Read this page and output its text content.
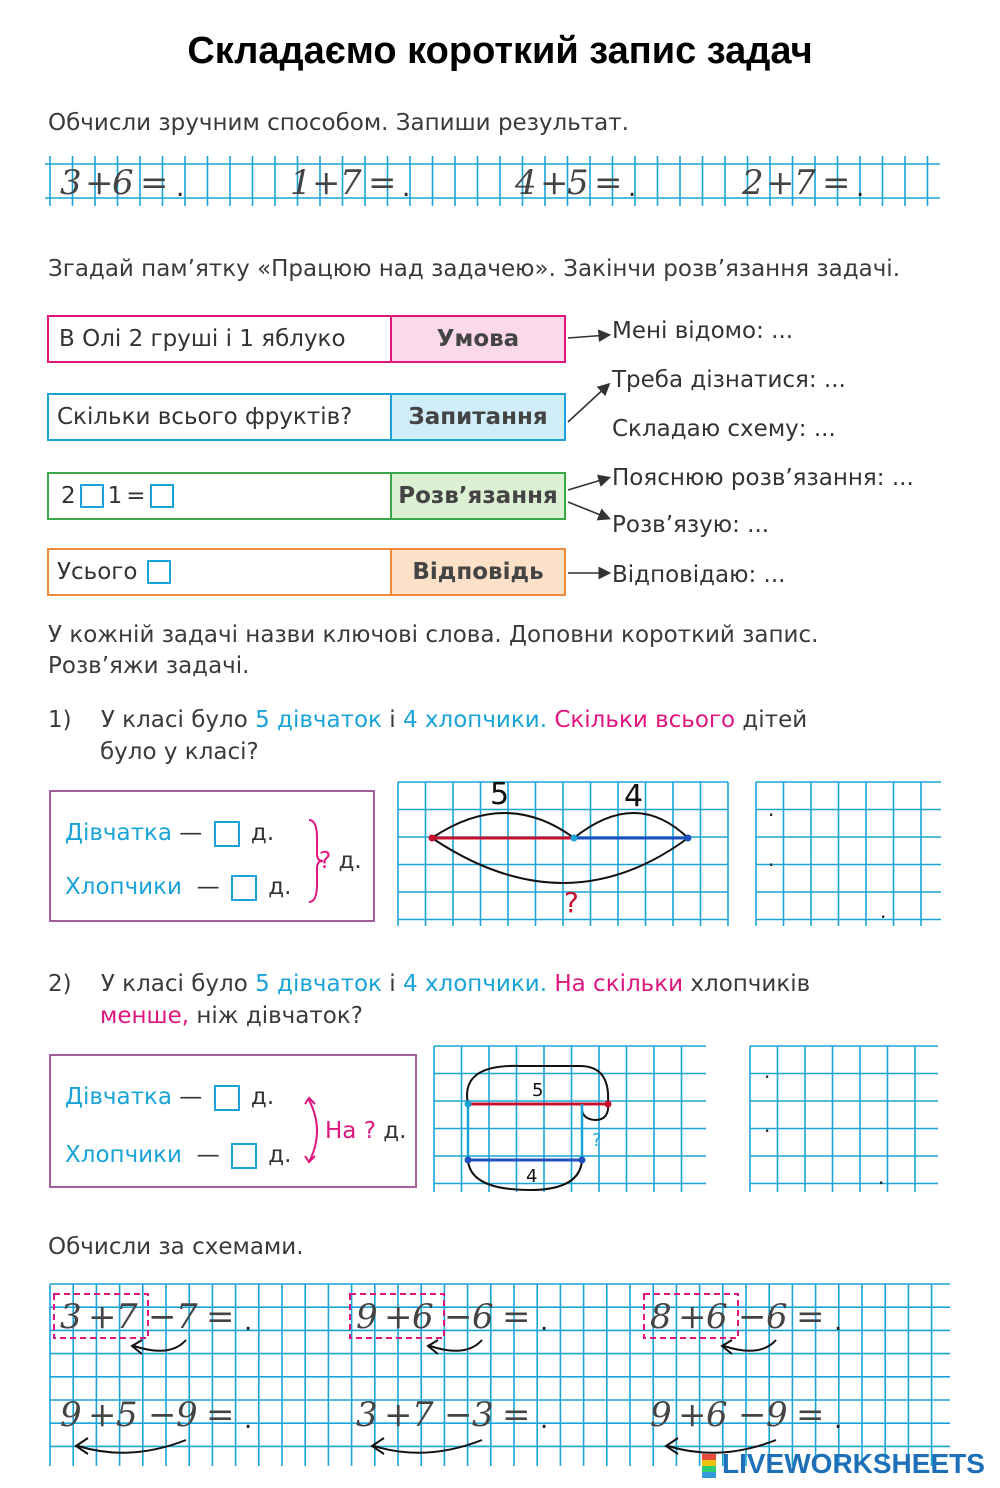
Складаємо короткий запис задач
Обчисли зручним способом. Запиши результат.
3 +
6 = .	1 + 7 = .	4 +
5 = .	2 + 7 = .
Згадай пам’ятку «Працюю над задачею». Закінчи розв’язання задачі.
В Олі 2 груші і 1 яблуко	Умова
Скільки всього фруктів?	Запитання
2 1 =	Розв’язання
Усього	Відповідь
Мені відомо: ...
Треба дізнатися: ...
Складаю схему: ...
Пояснюю розв’язання: ...
Розв’язую: ...
Відповідаю: ...
У кожній задачі назви ключові слова. Доповни короткий запис.
Розв’яжи задачі.
1) У класі було 5 дівчаток і 4 хлопчики. Скільки всього дітей
було у класі?
Дівчатка — д.
Хлопчики — д.
? д.
5	4
?
.
.
.
2) У класі було 5 дівчаток і 4 хлопчики. На скільки хлопчиків
менше, ніж дівчаток?
Дівчатка — д.
Хлопчики — д.
На ? д.
5
4
?
.
.
.
Обчисли за схемами.
3 + 7 − 7 = .	9 + 6 − 6 = .	8 + 6 − 6 = .
9 + 5 − 9 = .	3 + 7 − 3 = .	9 + 6 − 9 = .
LIVEWORKSHEETS
